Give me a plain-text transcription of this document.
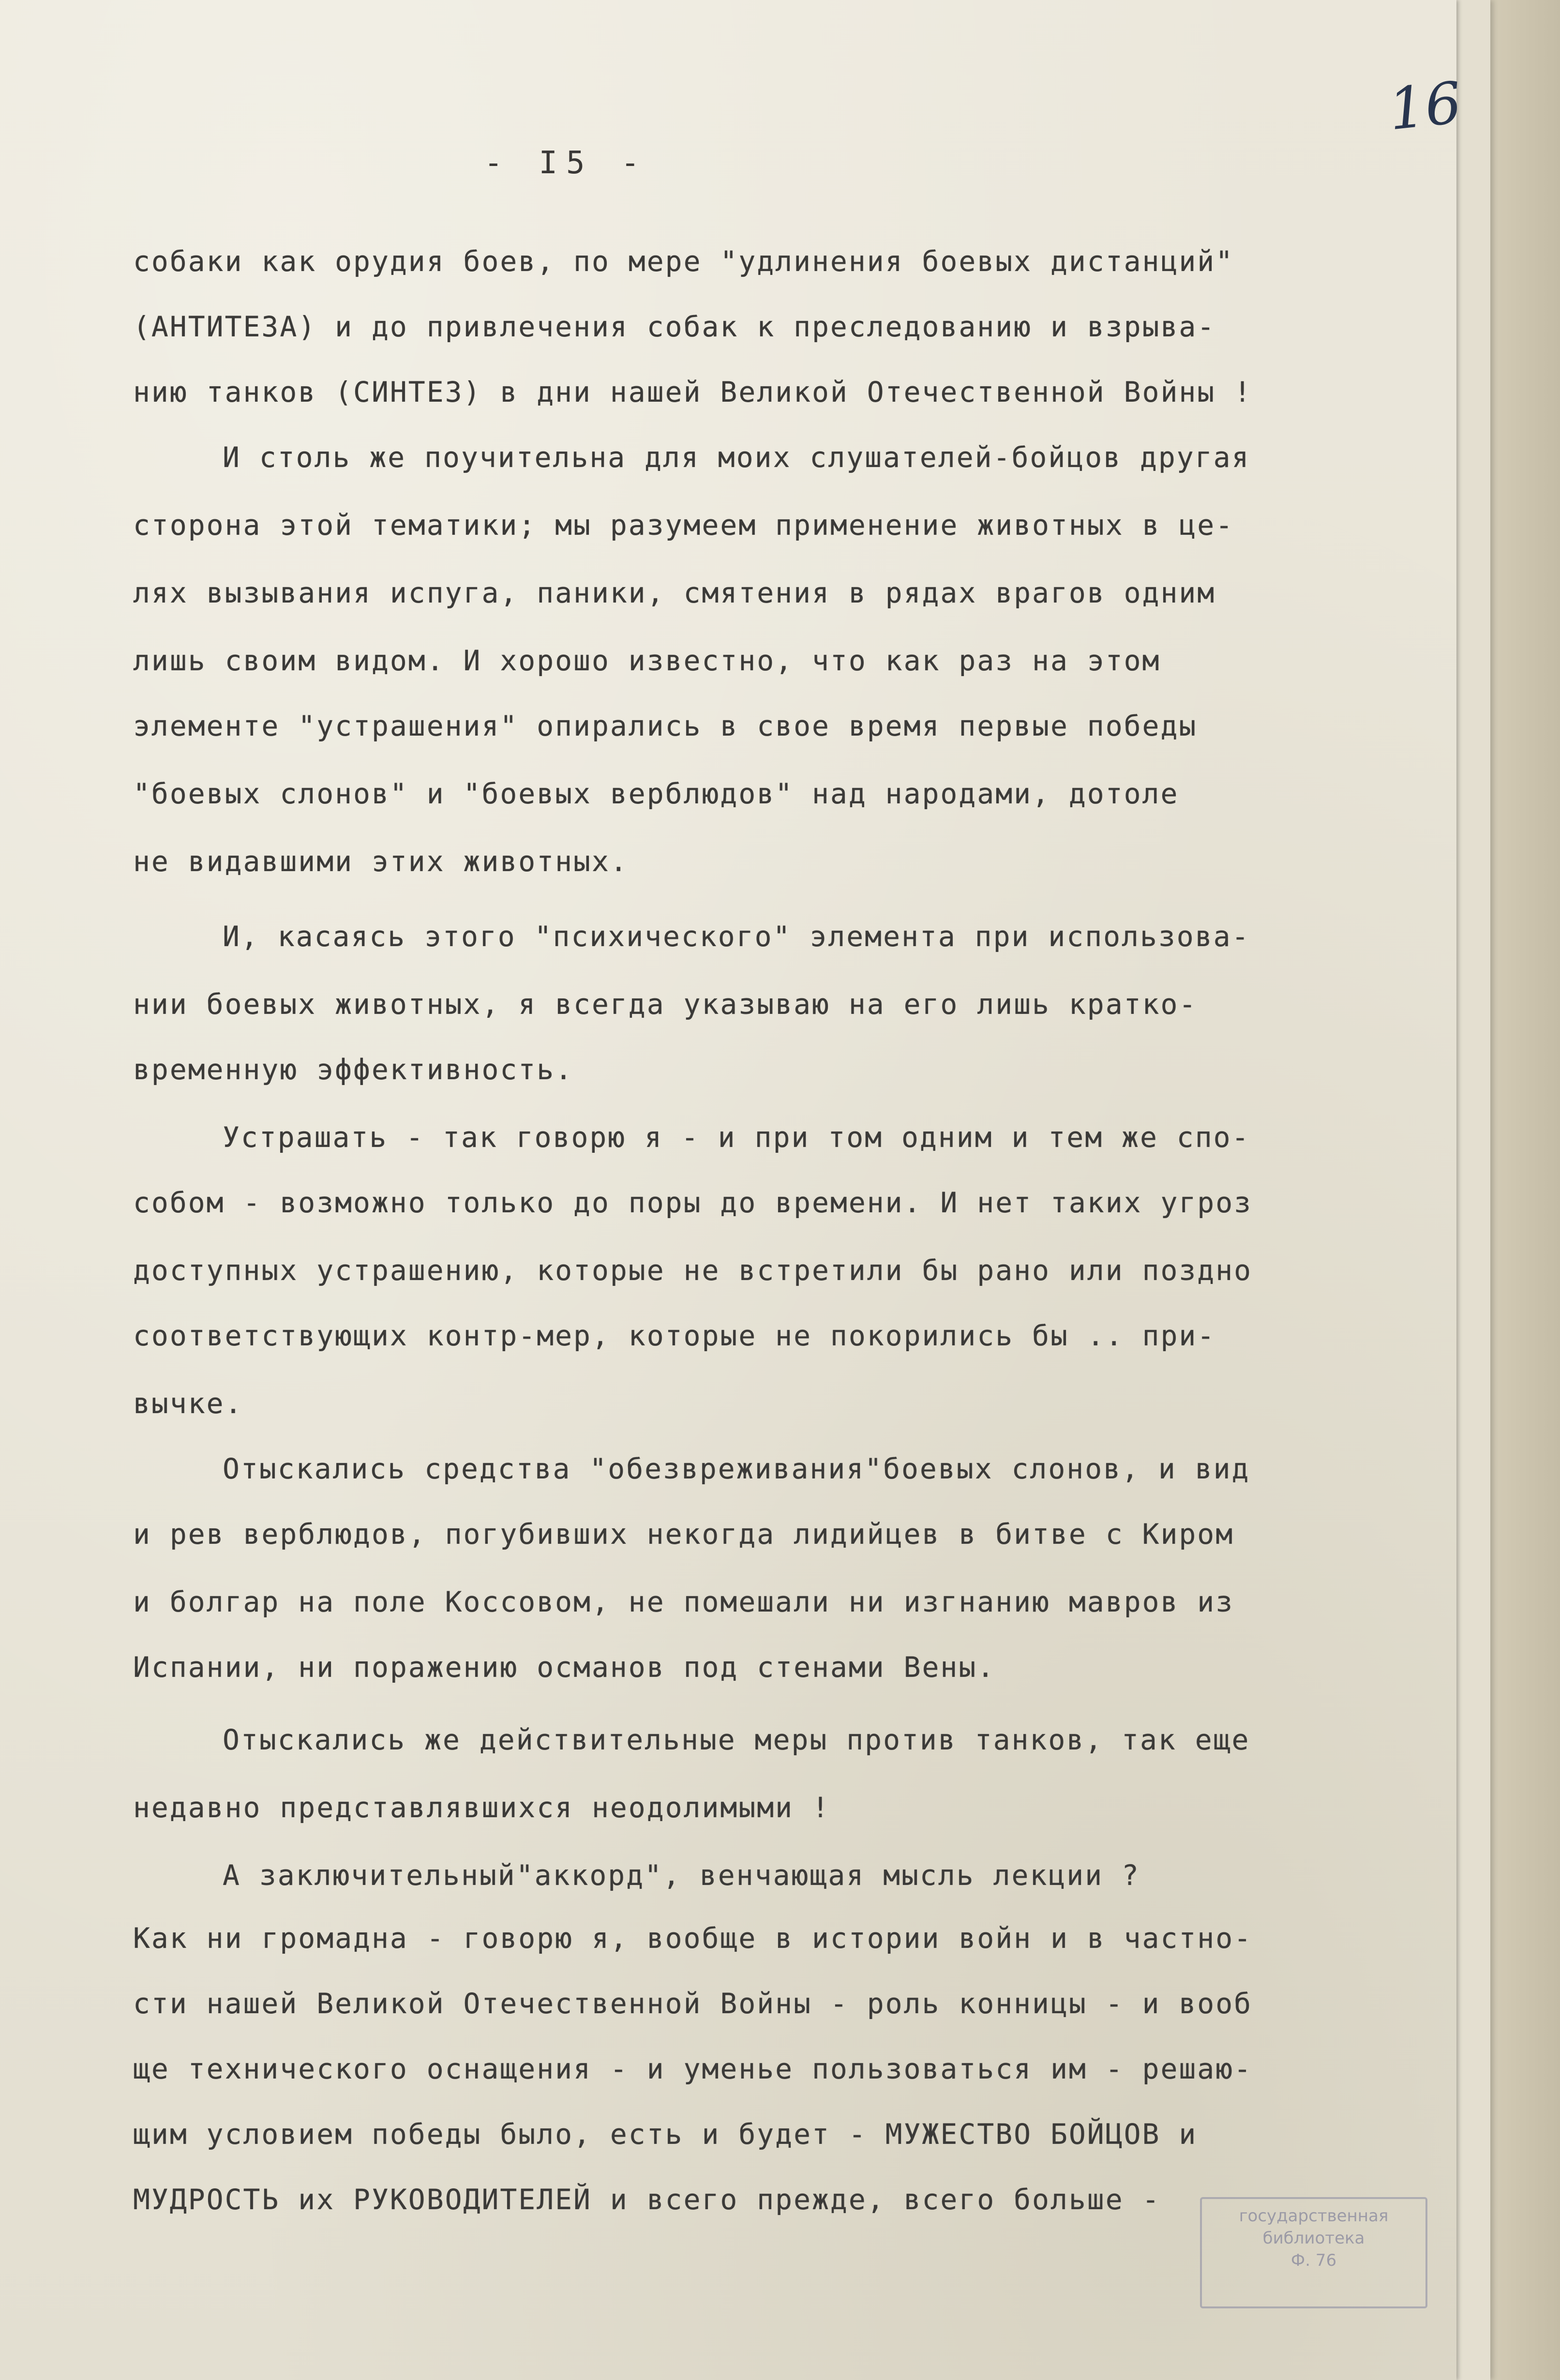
- I5 -
16
собаки как орудия боев, по мере "удлинения боевых дистанций"
(АНТИТЕЗА) и до привлечения собак к преследованию и взрыва-
нию танков (СИНТЕЗ) в дни нашей Великой Отечественной Войны !
И столь же поучительна для моих слушателей-бойцов другая
сторона этой тематики; мы разумеем применение животных в це-
лях вызывания испуга, паники, смятения в рядах врагов одним
лишь своим видом. И хорошо известно, что как раз на этом
элементе "устрашения" опирались в свое время первые победы
"боевых слонов" и "боевых верблюдов" над народами, дотоле
не видавшими этих животных.
И, касаясь этого "психического" элемента при использова-
нии боевых животных, я всегда указываю на его лишь кратко-
временную эффективность.
Устрашать - так говорю я - и при том одним и тем же спо-
собом - возможно только до поры до времени. И нет таких угроз
доступных устрашению, которые не встретили бы рано или поздно
соответствующих контр-мер, которые не покорились бы .. при-
вычке.
Отыскались средства "обезвреживания"боевых слонов, и вид
и рев верблюдов, погубивших некогда лидийцев в битве с Киром
и болгар на поле Коссовом, не помешали ни изгнанию мавров из
Испании, ни поражению османов под стенами Вены.
Отыскались же действительные меры против танков, так еще
недавно представлявшихся неодолимыми !
А заключительный"аккорд", венчающая мысль лекции ?
Как ни громадна - говорю я, вообще в истории войн и в частно-
сти нашей Великой Отечественной Войны - роль конницы - и вооб
ще технического оснащения - и уменье пользоваться им - решаю-
щим условием победы было, есть и будет - МУЖЕСТВО БОЙЦОВ и
МУДРОСТЬ их РУКОВОДИТЕЛЕЙ и всего прежде, всего больше -	государственная
библиотека
Ф. 76
